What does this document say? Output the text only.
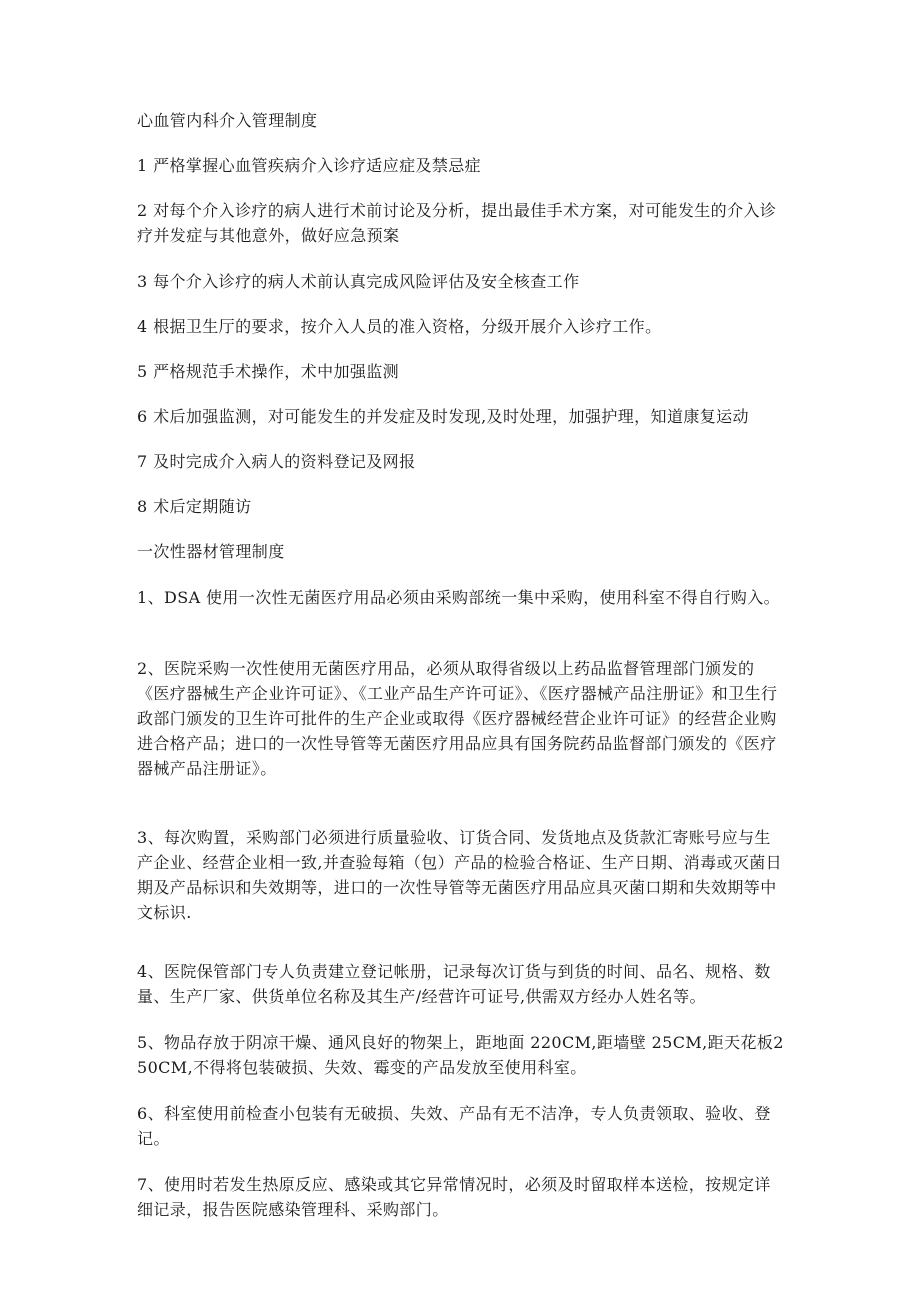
心血管内科介入管理制度

1 严格掌握心血管疾病介入诊疗适应症及禁忌症

2 对每个介入诊疗的病人进行术前讨论及分析，提出最佳手术方案，对可能发生的介入诊疗并发症与其他意外，做好应急预案

3 每个介入诊疗的病人术前认真完成风险评估及安全核查工作

4 根据卫生厅的要求，按介入人员的准入资格，分级开展介入诊疗工作。

5 严格规范手术操作，术中加强监测

6 术后加强监测，对可能发生的并发症及时发现,及时处理，加强护理，知道康复运动

7 及时完成介入病人的资料登记及网报

8 术后定期随访

一次性器材管理制度

1、DSA 使用一次性无菌医疗用品必须由采购部统一集中采购，使用科室不得自行购入。

2、医院采购一次性使用无菌医疗用品，必须从取得省级以上药品监督管理部门颁发的《医疗器械生产企业许可证》、《工业产品生产许可证》、《医疗器械产品注册证》和卫生行政部门颁发的卫生许可批件的生产企业或取得《医疗器械经营企业许可证》的经营企业购进合格产品；进口的一次性导管等无菌医疗用品应具有国务院药品监督部门颁发的《医疗器械产品注册证》。

3、每次购置，采购部门必须进行质量验收、订货合同、发货地点及货款汇寄账号应与生产企业、经营企业相一致,并查验每箱（包）产品的检验合格证、生产日期、消毒或灭菌日期及产品标识和失效期等，进口的一次性导管等无菌医疗用品应具灭菌口期和失效期等中文标识.

4、医院保管部门专人负责建立登记帐册，记录每次订货与到货的时间、品名、规格、数量、生产厂家、供货单位名称及其生产/经营许可证号,供需双方经办人姓名等。

5、物品存放于阴凉干燥、通风良好的物架上，距地面 220CM,距墙壁 25CM,距天花板250CM,不得将包装破损、失效、霉变的产品发放至使用科室。

6、科室使用前检查小包装有无破损、失效、产品有无不洁净，专人负责领取、验收、登记。

7、使用时若发生热原反应、感染或其它异常情况时，必须及时留取样本送检，按规定详细记录，报告医院感染管理科、采购部门。
